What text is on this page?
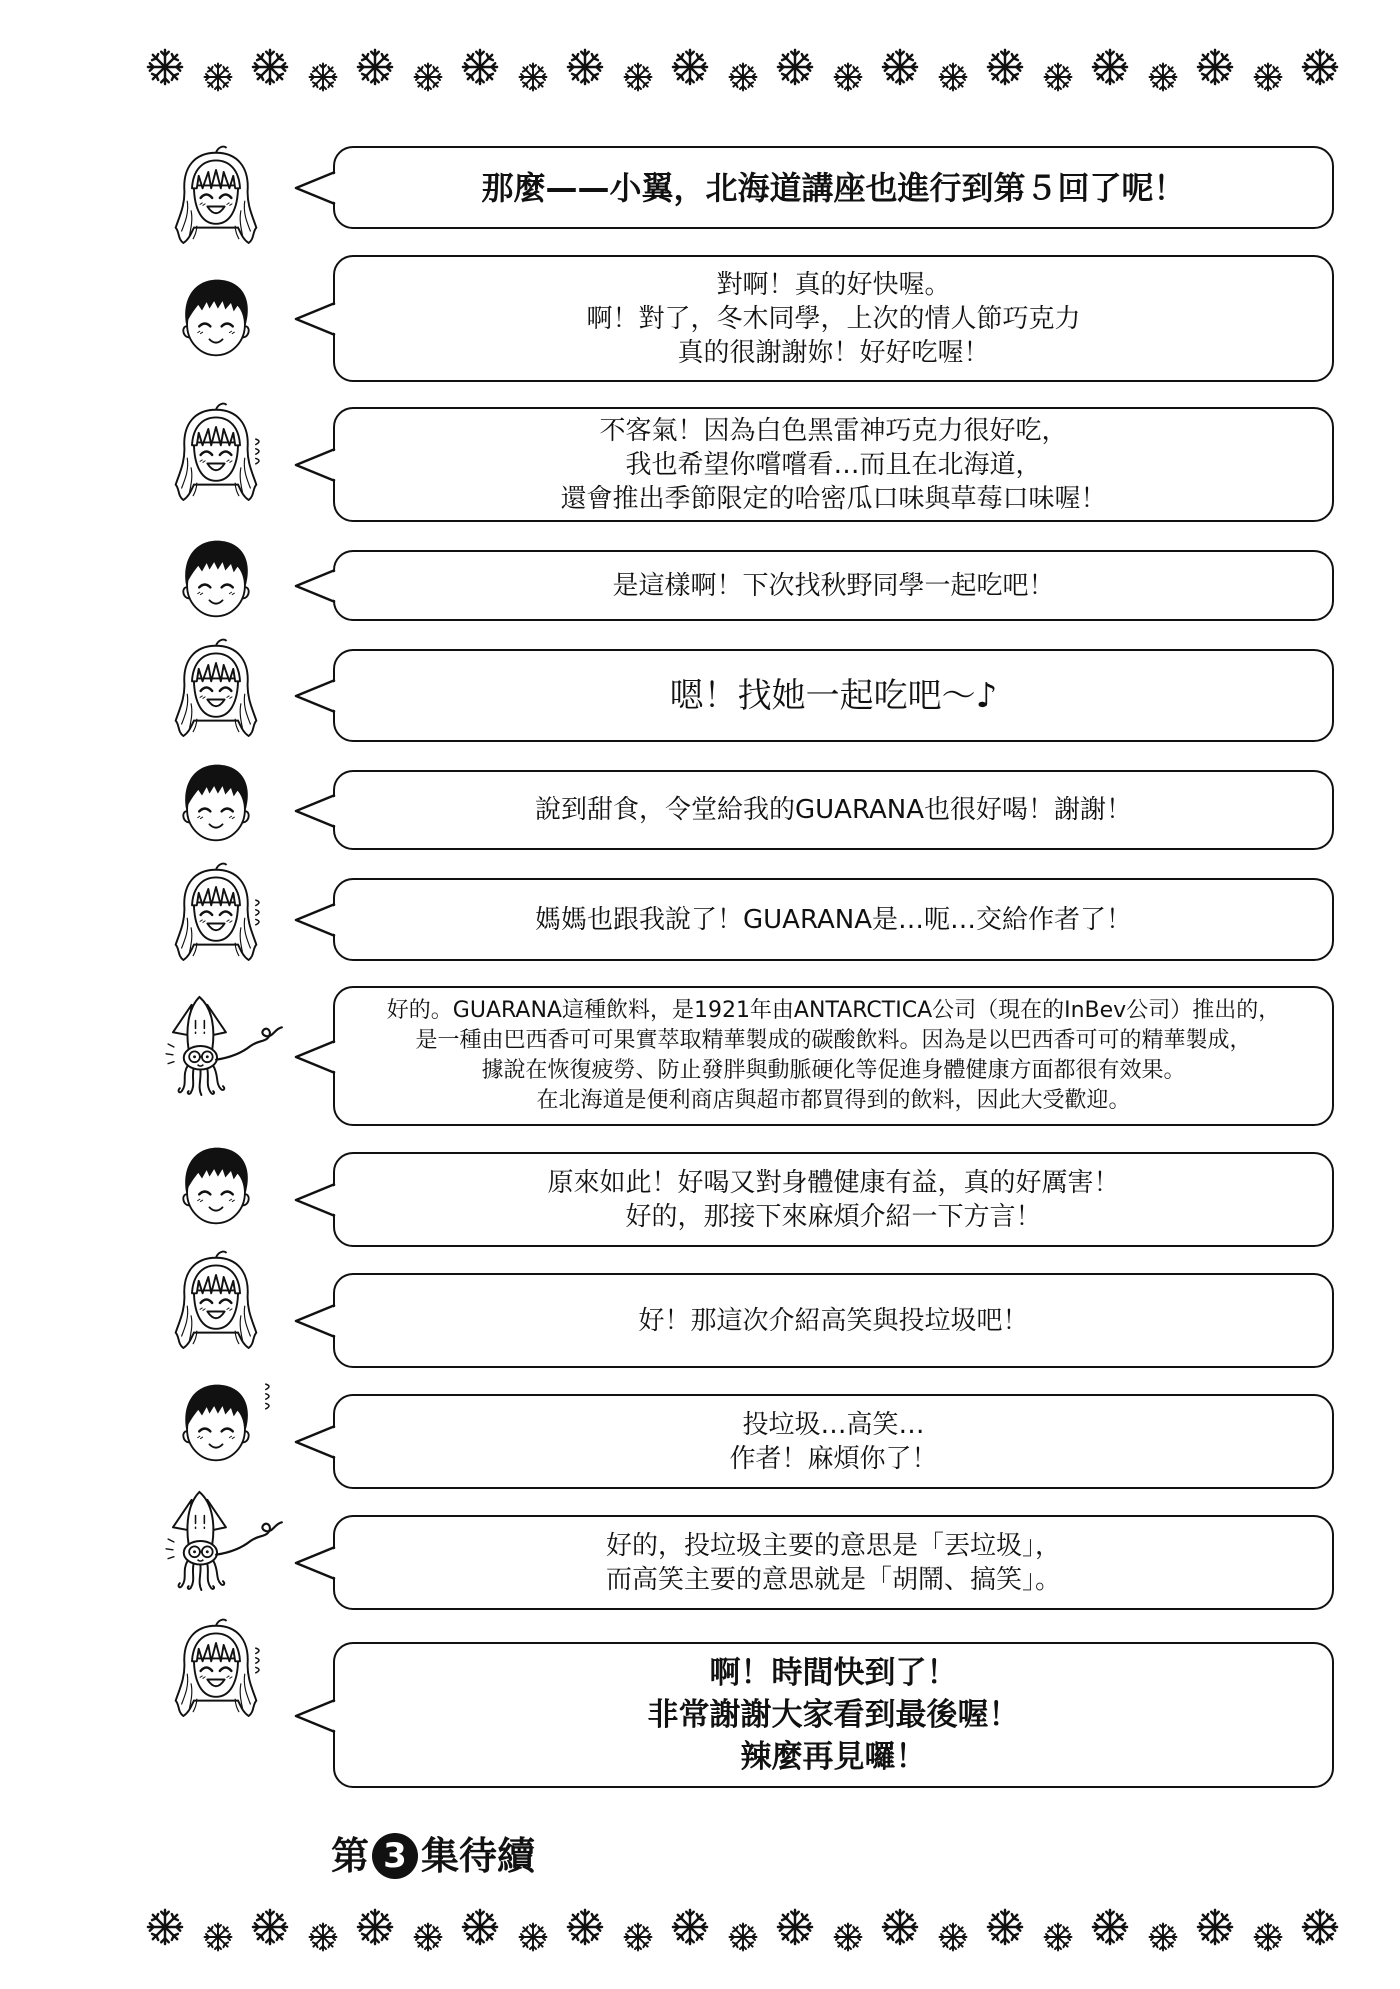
那麼——小翼，北海道講座也進行到第５回了呢！
對啊！真的好快喔。
啊！對了，冬木同學，上次的情人節巧克力
真的很謝謝妳！好好吃喔！
不客氣！因為白色黑雷神巧克力很好吃，
我也希望你嚐嚐看…而且在北海道，
還會推出季節限定的哈密瓜口味與草莓口味喔！
是這樣啊！下次找秋野同學一起吃吧！
嗯！找她一起吃吧～♪
說到甜食，令堂給我的GUARANA也很好喝！謝謝！
媽媽也跟我說了！GUARANA是…呃…交給作者了！
好的。GUARANA這種飲料，是1921年由ANTARCTICA公司（現在的InBev公司）推出的，
是一種由巴西香可可果實萃取精華製成的碳酸飲料。因為是以巴西香可可的精華製成，
據說在恢復疲勞、防止發胖與動脈硬化等促進身體健康方面都很有效果。
在北海道是便利商店與超市都買得到的飲料，因此大受歡迎。
原來如此！好喝又對身體健康有益，真的好厲害！
好的，那接下來麻煩介紹一下方言！
好！那這次介紹高笑與投垃圾吧！
投垃圾…高笑…
作者！麻煩你了！
好的，投垃圾主要的意思是「丟垃圾」，
而高笑主要的意思就是「胡鬧、搞笑」。
啊！時間快到了！
非常謝謝大家看到最後喔！
辣麼再見囉！
第 3 集待續
